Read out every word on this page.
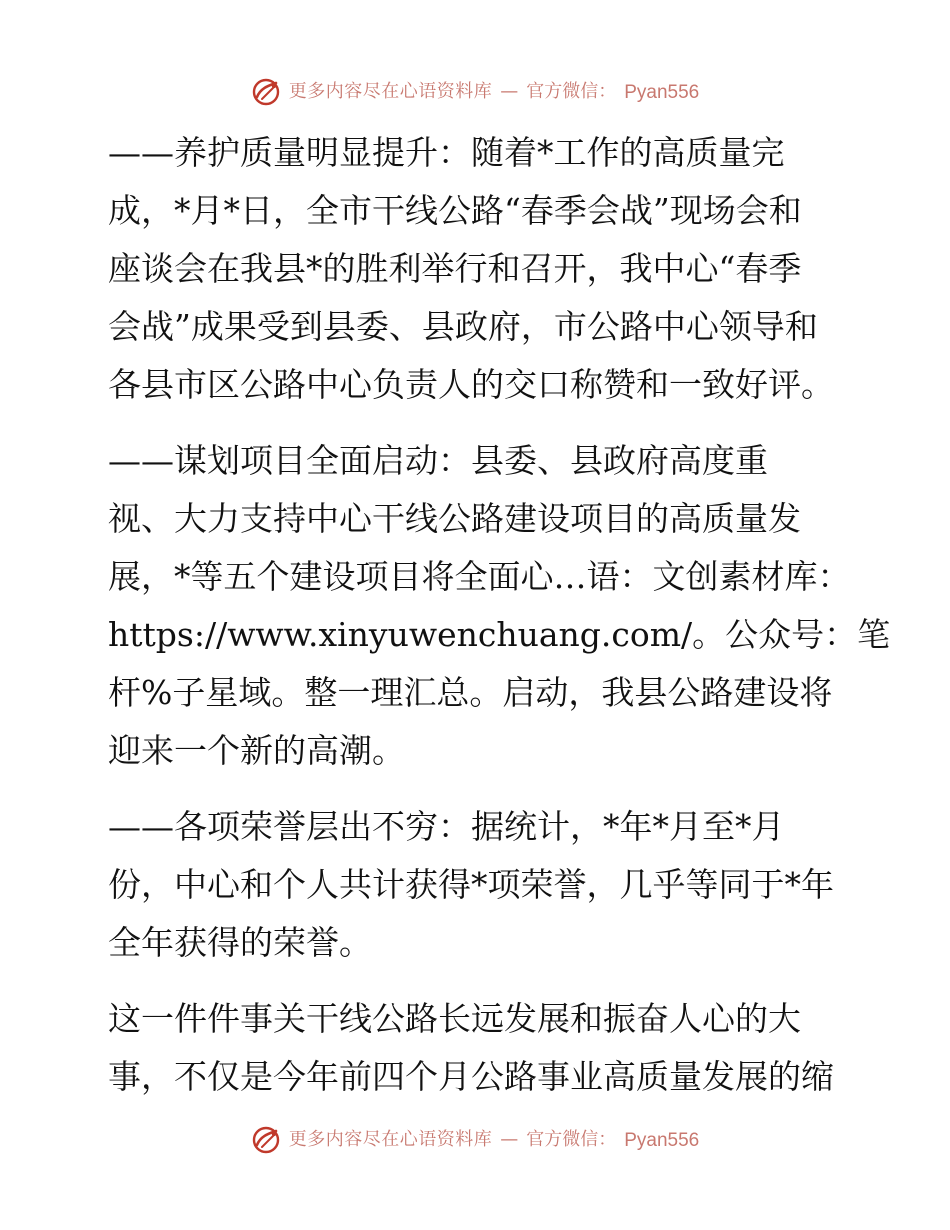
更多内容尽在心语资料库 — 官方微信： Pyan556
——养护质量明显提升：随着*工作的高质量完
成，*月*日，全市干线公路“春季会战”现场会和
座谈会在我县*的胜利举行和召开，我中心“春季
会战”成果受到县委、县政府，市公路中心领导和
各县市区公路中心负责人的交口称赞和一致好评。
——谋划项目全面启动：县委、县政府高度重
视、大力支持中心干线公路建设项目的高质量发
展，*等五个建设项目将全面心…语：文创素材库：
https://www.xinyuwenchuang.com/。公众号：笔
杆%子星域。整一理汇总。启动，我县公路建设将
迎来一个新的高潮。
——各项荣誉层出不穷：据统计，*年*月至*月
份，中心和个人共计获得*项荣誉，几乎等同于*年
全年获得的荣誉。
这一件件事关干线公路长远发展和振奋人心的大
事，不仅是今年前四个月公路事业高质量发展的缩
更多内容尽在心语资料库 — 官方微信： Pyan556
